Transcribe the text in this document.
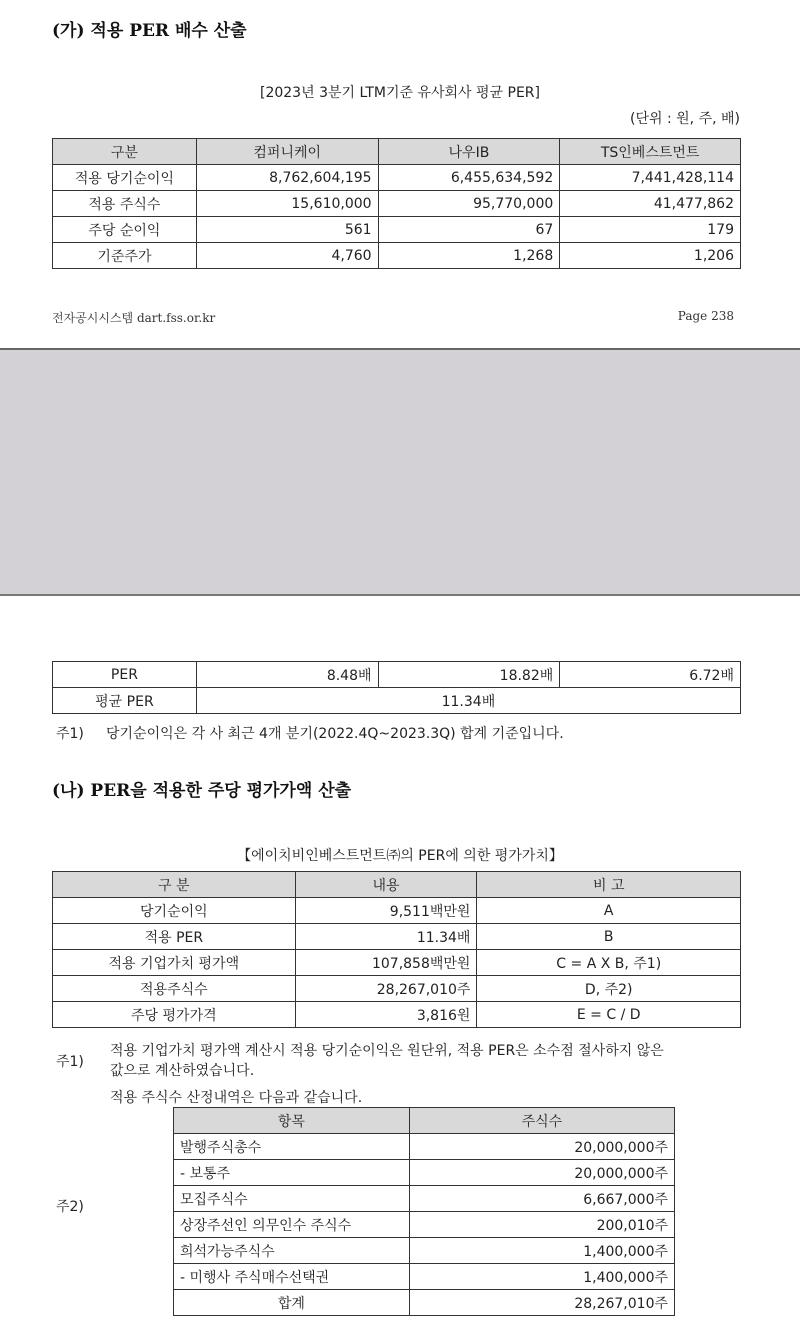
(가) 적용 PER 배수 산출
[2023년 3분기 LTM기준 유사회사 평균 PER]
(단위 : 원, 주, 배)
구분	컴퍼니케이	나우IB	TS인베스트먼트
적용 당기순이익	8,762,604,195	6,455,634,592	7,441,428,114
적용 주식수	15,610,000	95,770,000	41,477,862
주당 순이익	561	67	179
기준주가	4,760	1,268	1,206
전자공시시스템 dart.fss.or.kr	Page 238
PER	8.48배	18.82배	6.72배
평균 PER	11.34배		
주1) 당기순이익은 각 사 최근 4개 분기(2022.4Q~2023.3Q) 합계 기준입니다.
(나) PER을 적용한 주당 평가가액 산출
【에이치비인베스트먼트㈜의 PER에 의한 평가가치】
구 분	내용	비 고
당기순이익	9,511백만원	A
적용 PER	11.34배	B
적용 기업가치 평가액	107,858백만원	C = A X B, 주1)
적용주식수	28,267,010주	D, 주2)
주당 평가가격	3,816원	E = C / D
주1)
적용 기업가치 평가액 계산시 적용 당기순이익은 원단위, 적용 PER은 소수점 절사하지 않은
값으로 계산하였습니다.
적용 주식수 산정내역은 다음과 같습니다.
주2)
항목	주식수
발행주식총수	20,000,000주
- 보통주	20,000,000주
모집주식수	6,667,000주
상장주선인 의무인수 주식수	200,010주
희석가능주식수	1,400,000주
- 미행사 주식매수선택권	1,400,000주
합계	28,267,010주
